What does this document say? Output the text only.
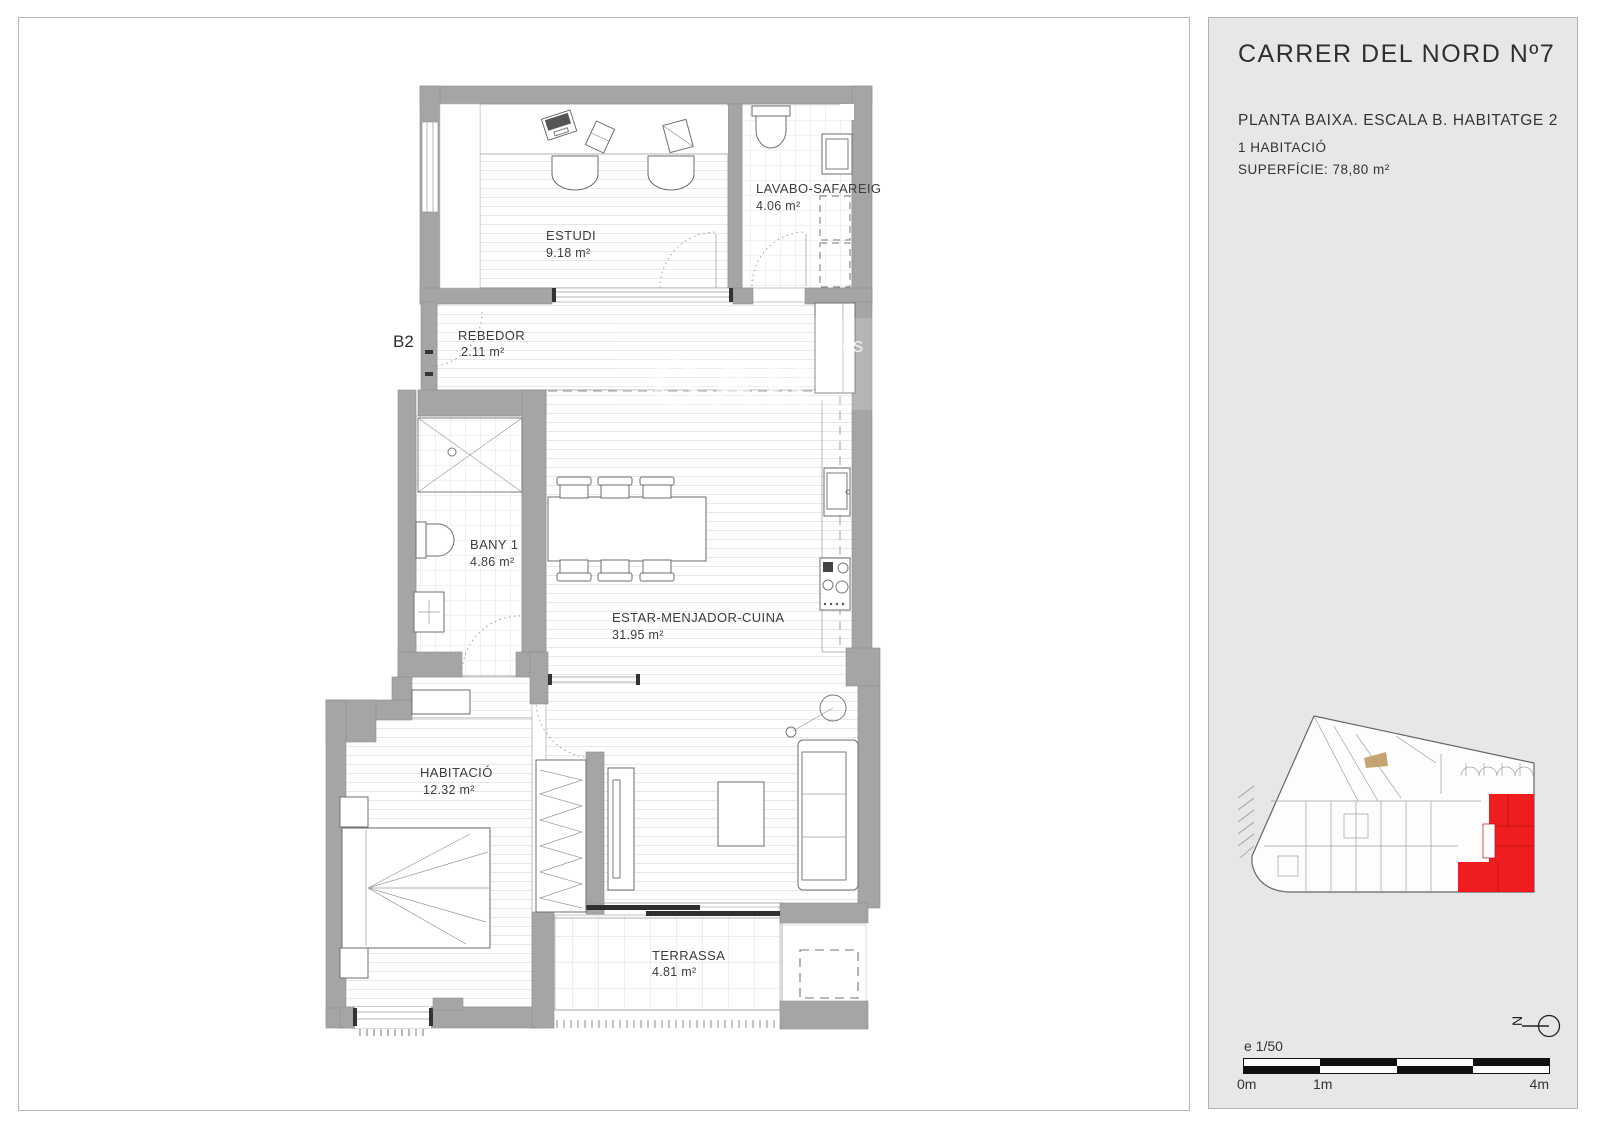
es
GAR
B2
ESTUDI
9.18 m²
LAVABO-SAFAREIG
4.06 m²
REBEDOR
2.11 m²
BANY 1
4.86 m²
ESTAR-MENJADOR-CUINA
31.95 m²
HABITACIÓ
12.32 m²
TERRASSA
4.81 m²
CARRER DEL NORD Nº7
PLANTA BAIXA. ESCALA B. HABITATGE 2
1 HABITACIÓ
SUPERFÍCIE: 78,80 m²
N
e 1/50
0m	1m	4m
